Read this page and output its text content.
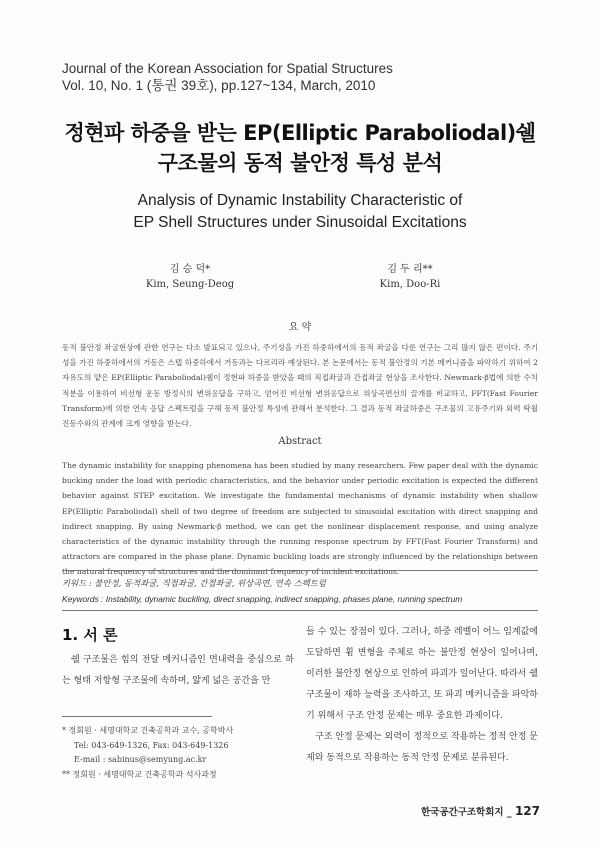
Journal of the Korean Association for Spatial Structures
Vol. 10, No. 1 (통권 39호), pp.127~134, March, 2010
정현파 하중을 받는 EP(Elliptic Paraboliodal)쉘
구조물의 동적 불안정 특성 분석
Analysis of Dynamic Instability Characteristic of
EP Shell Structures under Sinusoidal Excitations
김 승 덕*
Kim, Seung-Deog
김 두 리**
Kim, Doo-Ri
요 약
동적 불안정 좌굴현상에 관한 연구는 다소 발표되고 있으나, 주기성을 가진 하중하에서의 동적 좌굴을 다룬 연구는 그리 많지 않은 편이다. 주기성을 가진 하중하에서의 거동은 스텝 하중하에서 거동과는 다르리라 예상된다. 본 논문에서는 동적 불안정의 기본 메커니즘을 파악하기 위하여 2자유도의 얕은 EP(Elliptic Paraboliodal)쉘이 정현파 하중을 받았을 때의 직접좌굴과 간접좌굴 현상을 조사한다. Newmark-β법에 의한 수치적분을 이용하여 비선형 운동 방정식의 변위응답을 구하고, 얻어진 비선형 변위응답으로 위상곡면선의 끌개를 비교하고, FFT(Fast Fourier Transform)에 의한 연속 응답 스펙트럼을 구해 동적 불안정 특성에 관해서 분석한다. 그 결과 동적 좌굴하중은 구조물의 고유주기와 외력 탁월진동수와의 관계에 크게 영향을 받는다.
Abstract
The dynamic instability for snapping phenomena has been studied by many researchers. Few paper deal with the dynamic bucking under the load with periodic characteristics, and the behavior under periodic excitation is expected the different behavior against STEP excitation. We investigate the fundamental mechanisms of dynamic instability when shallow EP(Elliptic Paraboliodal) shell of two degree of freedom are subjected to sinusoidal excitation with direct snapping and indirect snapping. By using Newmark-β method, we can get the nonlinear displacement response, and using analyze characteristics of the dynamic instability through the running response spectrum by FFT(Fast Fourier Transform) and attractors are compared in the phase plane. Dynamic buckling loads are strongly influenced by the relationships between the natural frequency of structures and the dominant frequency of incident excitations.
키워드 : 불안정, 동적좌굴, 직접좌굴, 간접좌굴, 위상곡면, 연속 스펙트럼
Keywords : Instability, dynamic buckling, direct snapping, indirect snapping, phases plane, running spectrum
1. 서 론

쉘 구조물은 힘의 전달 메커니즘인 면내력을 중심으로 하는 형태 저항형 구조물에 속하며, 얇게 넓은 공간을 만

* 정회원 · 세명대학교 건축공학과 교수, 공학박사
Tel: 043-649-1326, Fax: 043-649-1326
E-mail : sabinus@semyung.ac.kr
** 정회원 · 세명대학교 건축공학과 석사과정

들 수 있는 장점이 있다. 그러나, 하중 레벨이 어느 임계값에 도달하면 휨 변형을 주체로 하는 불안정 현상이 일어나며, 이러한 불안정 현상으로 인하여 파괴가 일어난다. 따라서 쉘 구조물이 재하 능력을 조사하고, 또 파괴 메커니즘을 파악하기 위해서 구조 안정 문제는 매우 중요한 과제이다.

구조 안정 문제는 외력이 정적으로 작용하는 정적 안정 문제와 동적으로 작용하는 동적 안정 문제로 분류된다.

한국공간구조학회지 _ 127
